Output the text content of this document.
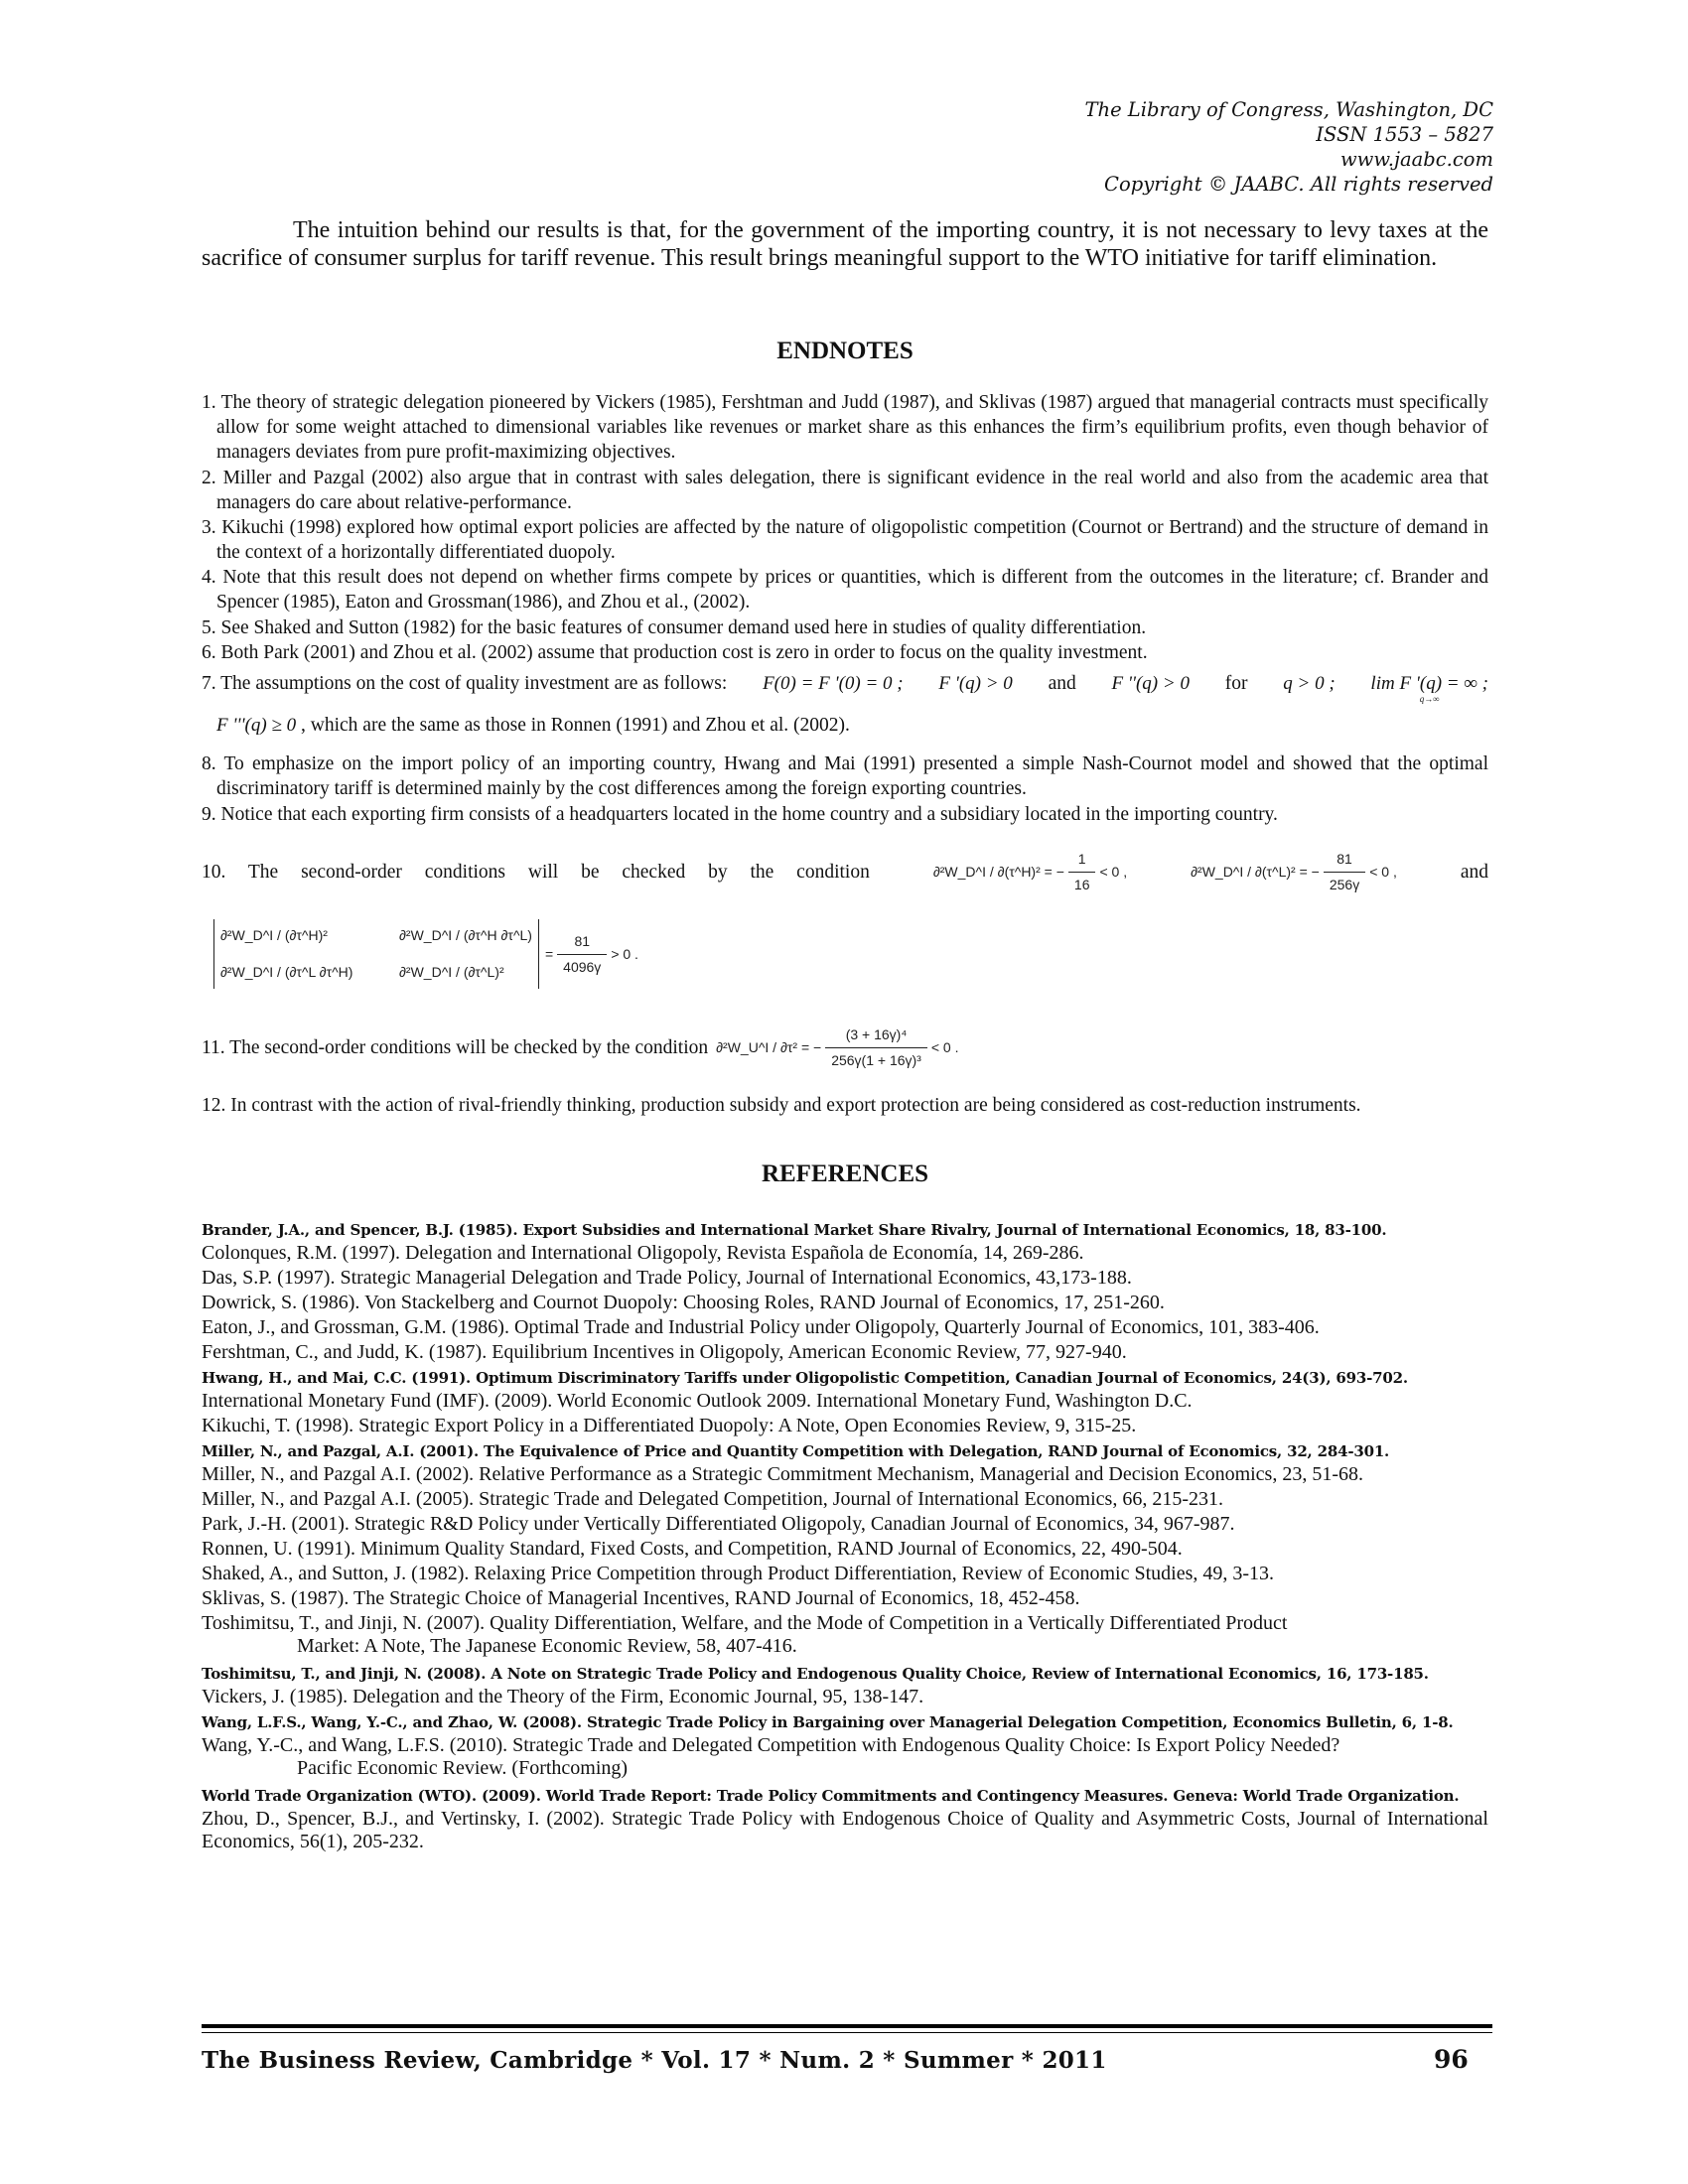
The Library of Congress, Washington, DC
ISSN 1553 – 5827
www.jaabc.com
Copyright © JAABC. All rights reserved
The intuition behind our results is that, for the government of the importing country, it is not necessary to levy taxes at the sacrifice of consumer surplus for tariff revenue. This result brings meaningful support to the WTO initiative for tariff elimination.
ENDNOTES
1. The theory of strategic delegation pioneered by Vickers (1985), Fershtman and Judd (1987), and Sklivas (1987) argued that managerial contracts must specifically allow for some weight attached to dimensional variables like revenues or market share as this enhances the firm’s equilibrium profits, even though behavior of managers deviates from pure profit-maximizing objectives.
2. Miller and Pazgal (2002) also argue that in contrast with sales delegation, there is significant evidence in the real world and also from the academic area that managers do care about relative-performance.
3. Kikuchi (1998) explored how optimal export policies are affected by the nature of oligopolistic competition (Cournot or Bertrand) and the structure of demand in the context of a horizontally differentiated duopoly.
4. Note that this result does not depend on whether firms compete by prices or quantities, which is different from the outcomes in the literature; cf. Brander and Spencer (1985), Eaton and Grossman(1986), and Zhou et al., (2002).
5. See Shaked and Sutton (1982) for the basic features of consumer demand used here in studies of quality differentiation.
6. Both Park (2001) and Zhou et al. (2002) assume that production cost is zero in order to focus on the quality investment.
7. The assumptions on the cost of quality investment are as follows: F(0) = F '(0) = 0 ; F '(q) > 0 and F ''(q) > 0 for q > 0 ; lim F '(q) = ∞ ;
q→∞
F '''(q) ≥ 0 , which are the same as those in Ronnen (1991) and Zhou et al. (2002).
8. To emphasize on the import policy of an importing country, Hwang and Mai (1991) presented a simple Nash-Cournot model and showed that the optimal discriminatory tariff is determined mainly by the cost differences among the foreign exporting countries.
9. Notice that each exporting firm consists of a headquarters located in the home country and a subsidiary located in the importing country.
10. The second-order conditions will be checked by the condition	∂²W_D^I / ∂(τ^H)² = − $\frac{1}{16} < 0$ ,	∂²W_D^I / ∂(τ^L)² = − $\frac{81}{256\gamma} < 0$ ,	and
∂²W_D^I / (∂τ^H)²	∂²W_D^I / (∂τ^H ∂τ^L)
∂²W_D^I / (∂τ^L ∂τ^H)	∂²W_D^I / (∂τ^L)²
= $\frac{81}{4096\gamma} > 0$ .
11. The second-order conditions will be checked by the condition ∂²W_U^I / ∂τ² = − $\frac{\text{(3 + 16γ)⁴}}{\text{256γ(1 + 16γ)³}} < 0$ .
12. In contrast with the action of rival-friendly thinking, production subsidy and export protection are being considered as cost-reduction instruments.
REFERENCES
Brander, J.A., and Spencer, B.J. (1985). Export Subsidies and International Market Share Rivalry, Journal of International Economics, 18, 83-100.
Colonques, R.M. (1997). Delegation and International Oligopoly, Revista Española de Economía, 14, 269-286.
Das, S.P. (1997). Strategic Managerial Delegation and Trade Policy, Journal of International Economics, 43,173-188.
Dowrick, S. (1986). Von Stackelberg and Cournot Duopoly: Choosing Roles, RAND Journal of Economics, 17, 251-260.
Eaton, J., and Grossman, G.M. (1986). Optimal Trade and Industrial Policy under Oligopoly, Quarterly Journal of Economics, 101, 383-406.
Fershtman, C., and Judd, K. (1987). Equilibrium Incentives in Oligopoly, American Economic Review, 77, 927-940.
Hwang, H., and Mai, C.C. (1991). Optimum Discriminatory Tariffs under Oligopolistic Competition, Canadian Journal of Economics, 24(3), 693-702.
International Monetary Fund (IMF). (2009). World Economic Outlook 2009. International Monetary Fund, Washington D.C.
Kikuchi, T. (1998). Strategic Export Policy in a Differentiated Duopoly: A Note, Open Economies Review, 9, 315-25.
Miller, N., and Pazgal, A.I. (2001). The Equivalence of Price and Quantity Competition with Delegation, RAND Journal of Economics, 32, 284-301.
Miller, N., and Pazgal A.I. (2002). Relative Performance as a Strategic Commitment Mechanism, Managerial and Decision Economics, 23, 51-68.
Miller, N., and Pazgal A.I. (2005). Strategic Trade and Delegated Competition, Journal of International Economics, 66, 215-231.
Park, J.-H. (2001). Strategic R&D Policy under Vertically Differentiated Oligopoly, Canadian Journal of Economics, 34, 967-987.
Ronnen, U. (1991). Minimum Quality Standard, Fixed Costs, and Competition, RAND Journal of Economics, 22, 490-504.
Shaked, A., and Sutton, J. (1982). Relaxing Price Competition through Product Differentiation, Review of Economic Studies, 49, 3-13.
Sklivas, S. (1987). The Strategic Choice of Managerial Incentives, RAND Journal of Economics, 18, 452-458.
Toshimitsu, T., and Jinji, N. (2007). Quality Differentiation, Welfare, and the Mode of Competition in a Vertically Differentiated Product
Market: A Note, The Japanese Economic Review, 58, 407-416.
Toshimitsu, T., and Jinji, N. (2008). A Note on Strategic Trade Policy and Endogenous Quality Choice, Review of International Economics, 16, 173-185.
Vickers, J. (1985). Delegation and the Theory of the Firm, Economic Journal, 95, 138-147.
Wang, L.F.S., Wang, Y.-C., and Zhao, W. (2008). Strategic Trade Policy in Bargaining over Managerial Delegation Competition, Economics Bulletin, 6, 1-8.
Wang, Y.-C., and Wang, L.F.S. (2010). Strategic Trade and Delegated Competition with Endogenous Quality Choice: Is Export Policy Needed?
Pacific Economic Review. (Forthcoming)
World Trade Organization (WTO). (2009). World Trade Report: Trade Policy Commitments and Contingency Measures. Geneva: World Trade Organization.
Zhou, D., Spencer, B.J., and Vertinsky, I. (2002). Strategic Trade Policy with Endogenous Choice of Quality and Asymmetric Costs, Journal of International Economics, 56(1), 205-232.
The Business Review, Cambridge * Vol. 17 * Num. 2 * Summer * 2011	96
